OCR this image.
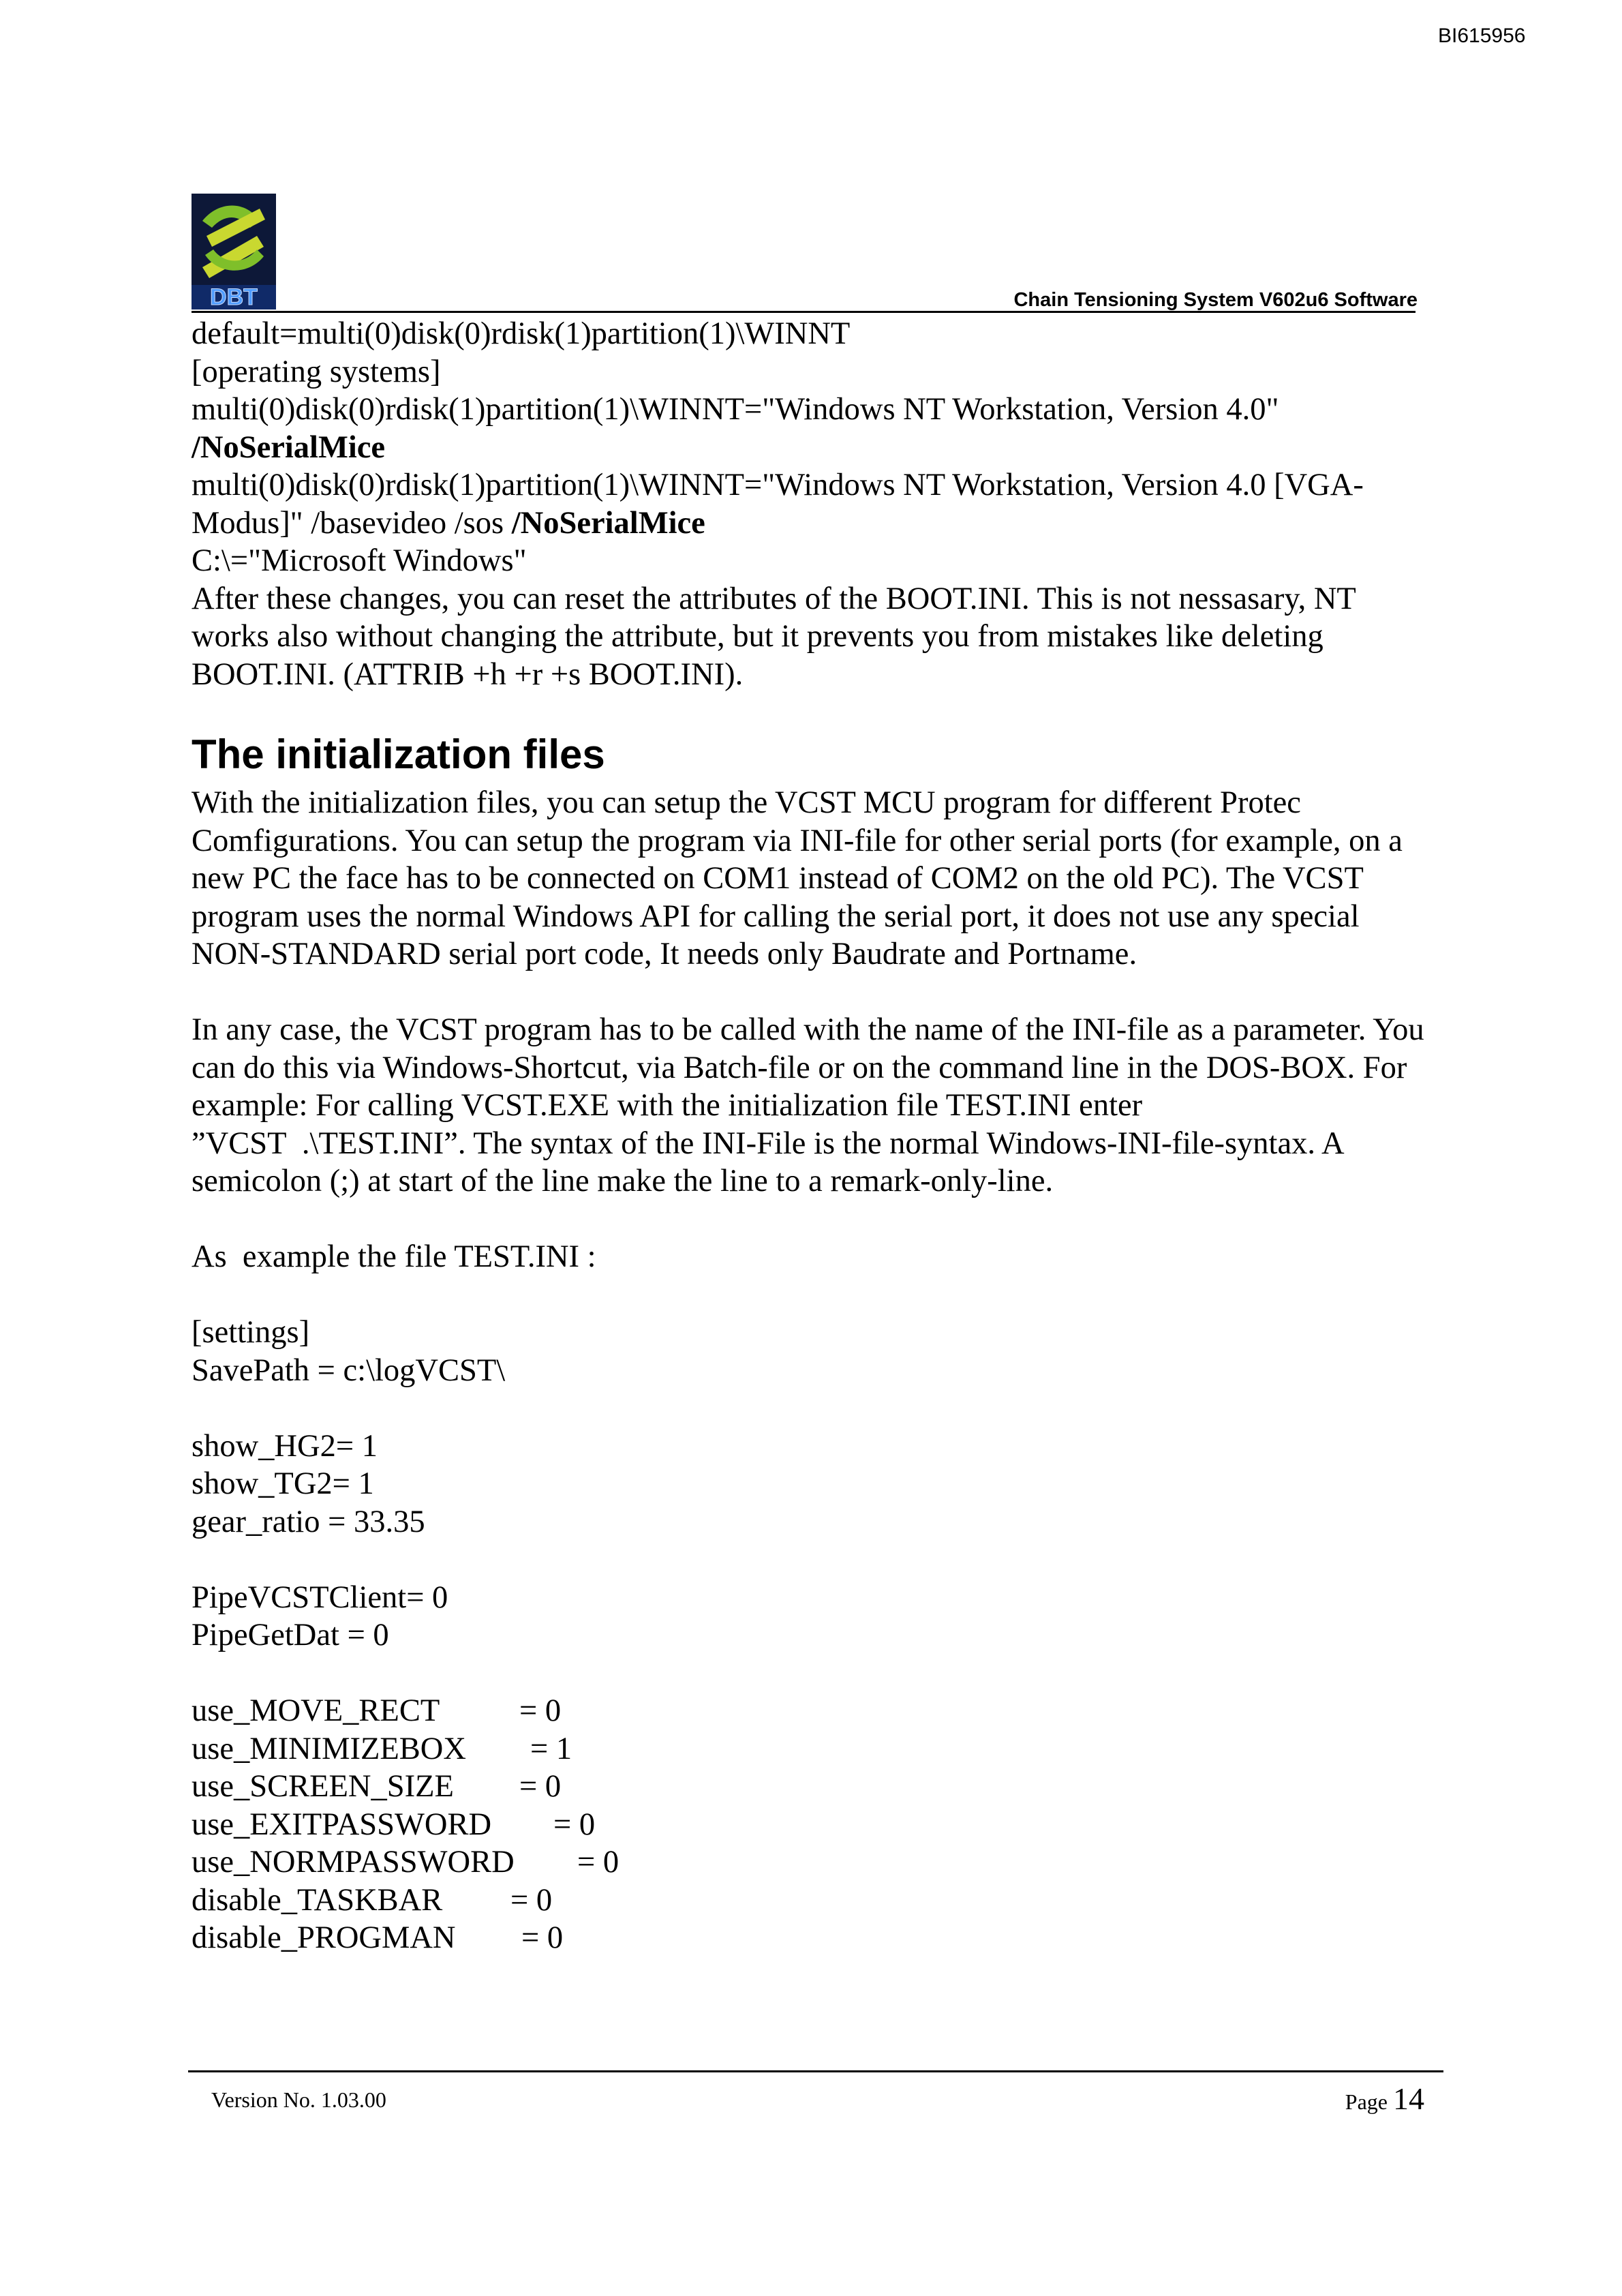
BI615956
DBT	Chain Tensioning System V602u6 Software
default=multi(0)disk(0)rdisk(1)partition(1)\WINNT
[operating systems]
multi(0)disk(0)rdisk(1)partition(1)\WINNT="Windows NT Workstation, Version 4.0"
/NoSerialMice
multi(0)disk(0)rdisk(1)partition(1)\WINNT="Windows NT Workstation, Version 4.0 [VGA-
Modus]" /basevideo /sos /NoSerialMice
C:\="Microsoft Windows"
After these changes, you can reset the attributes of the BOOT.INI. This is not nessasary, NT
works also without changing the attribute, but it prevents you from mistakes like deleting
BOOT.INI. (ATTRIB +h +r +s BOOT.INI).
The initialization files
With the initialization files, you can setup the VCST MCU program for different Protec
Comfigurations. You can setup the program via INI-file for other serial ports (for example, on a
new PC the face has to be connected on COM1 instead of COM2 on the old PC). The VCST
program uses the normal Windows API for calling the serial port, it does not use any special
NON-STANDARD serial port code, It needs only Baudrate and Portname.
In any case, the VCST program has to be called with the name of the INI-file as a parameter. You
can do this via Windows-Shortcut, via Batch-file or on the command line in the DOS-BOX. For
example: For calling VCST.EXE with the initialization file TEST.INI enter
”VCST  .\TEST.INI”. The syntax of the INI-File is the normal Windows-INI-file-syntax. A
semicolon (;) at start of the line make the line to a remark-only-line.
As  example the file TEST.INI :
[settings]
SavePath = c:\logVCST\
show_HG2= 1
show_TG2= 1
gear_ratio = 33.35
PipeVCSTClient= 0
PipeGetDat = 0
use_MOVE_RECT	= 0
use_MINIMIZEBOX	= 1
use_SCREEN_SIZE	= 0
use_EXITPASSWORD	= 0
use_NORMPASSWORD	= 0
disable_TASKBAR	= 0
disable_PROGMAN	= 0
Version No. 1.03.00	Page 14
